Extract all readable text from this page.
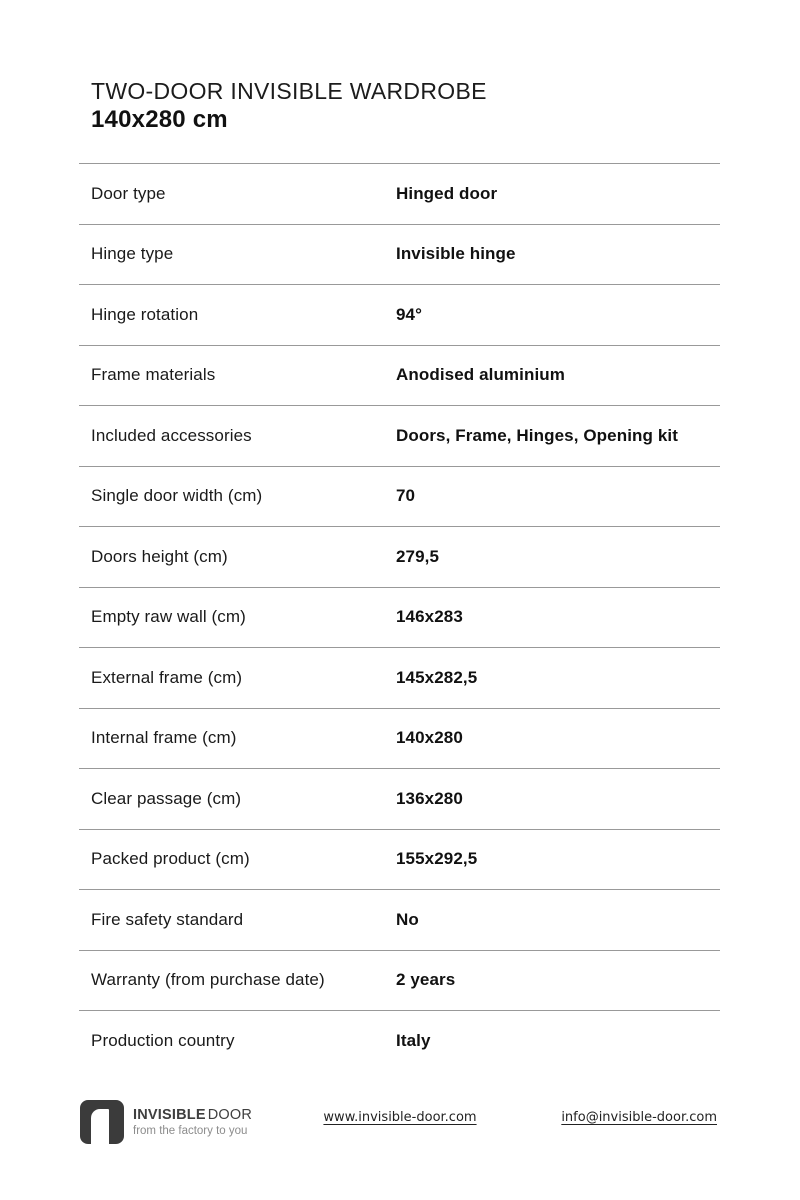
TWO-DOOR INVISIBLE WARDROBE
140x280 cm
Door type	Hinged door
Hinge type	Invisible hinge
Hinge rotation	94°
Frame materials	Anodised aluminium
Included accessories	Doors, Frame, Hinges, Opening kit
Single door width (cm)	70
Doors height (cm)	279,5
Empty raw wall (cm)	146x283
External frame (cm)	145x282,5
Internal frame (cm)	140x280
Clear passage (cm)	136x280
Packed product (cm)	155x292,5
Fire safety standard	No
Warranty (from purchase date)	2 years
Production country	Italy
INVISIBLE DOOR
from the factory to you
www.invisible-door.com	info@invisible-door.com
